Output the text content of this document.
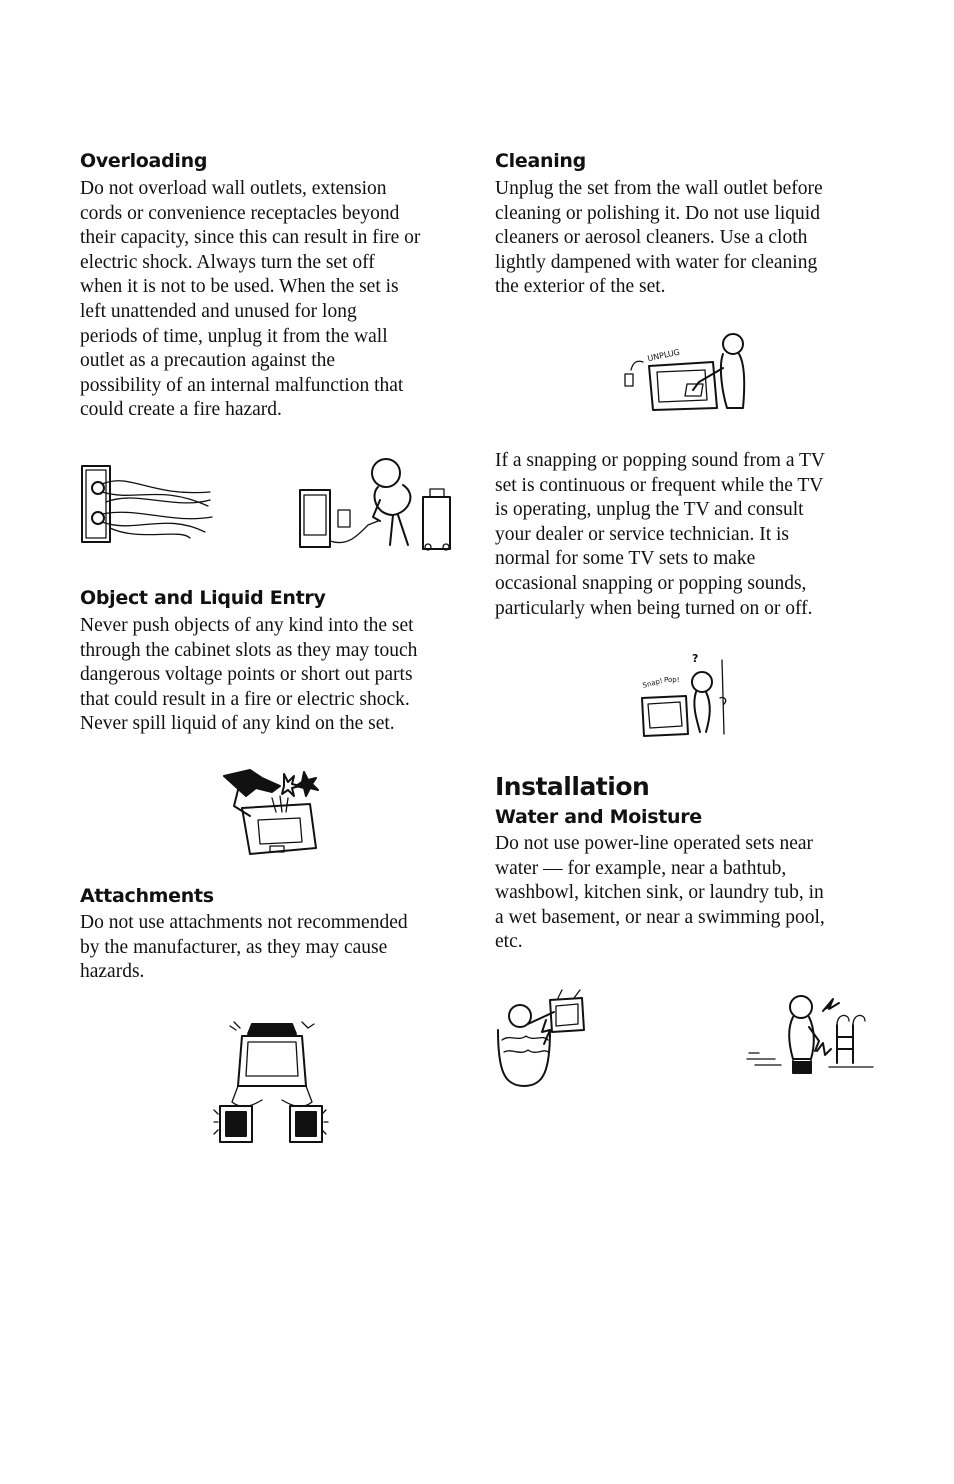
Overloading
Do not overload wall outlets, extension
cords or convenience receptacles beyond
their capacity, since this can result in fire or
electric shock. Always turn the set off
when it is not to be used. When the set is
left unattended and unused for long
periods of time, unplug it from the wall
outlet as a precaution against the
possibility of an internal malfunction that
could create a fire hazard.
Object and Liquid Entry
Never push objects of any kind into the set
through the cabinet slots as they may touch
dangerous voltage points or short out parts
that could result in a fire or electric shock.
Never spill liquid of any kind on the set.
Attachments
Do not use attachments not recommended
by the manufacturer, as they may cause
hazards.
Cleaning
Unplug the set from the wall outlet before
cleaning or polishing it. Do not use liquid
cleaners or aerosol cleaners. Use a cloth
lightly dampened with water for cleaning
the exterior of the set.
UNPLUG
If a snapping or popping sound from a TV
set is continuous or frequent while the TV
is operating, unplug the TV and consult
your dealer or service technician. It is
normal for some TV sets to make
occasional snapping or popping sounds,
particularly when being turned on or off.
Snap! Pop!
?
Installation
Water and Moisture
Do not use power-line operated sets near
water — for example, near a bathtub,
washbowl, kitchen sink, or laundry tub, in
a wet basement, or near a swimming pool,
etc.
